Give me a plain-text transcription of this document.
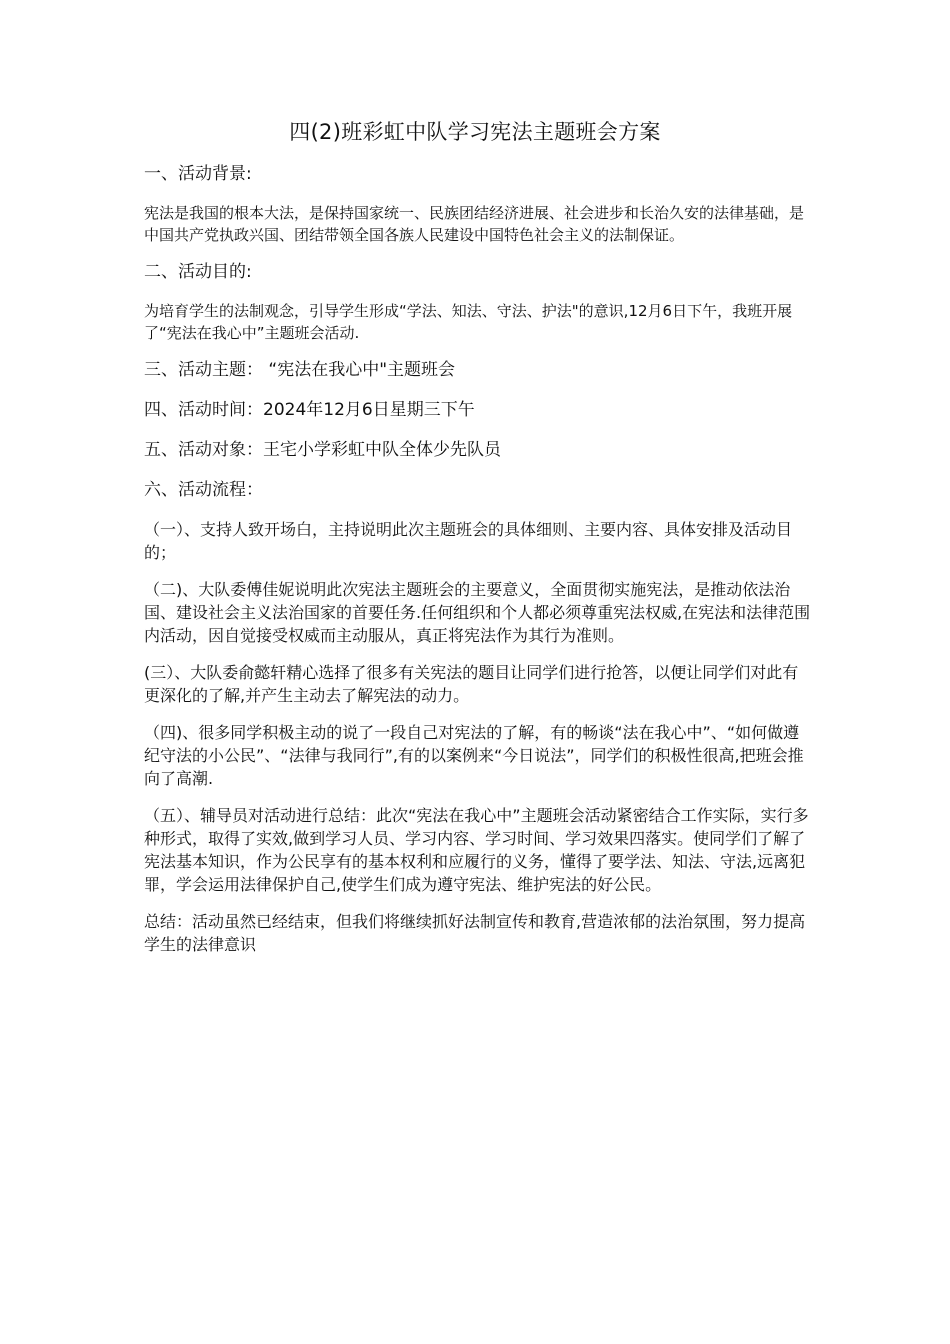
四(2)班彩虹中队学习宪法主题班会方案
一、活动背景:
宪法是我国的根本大法，是保持国家统一、民族团结经济进展、社会进步和长治久安的法律基础，是中国共产党执政兴国、团结带领全国各族人民建设中国特色社会主义的法制保证。
二、活动目的:
为培育学生的法制观念，引导学生形成“学法、知法、守法、护法"的意识,12月6日下午，我班开展了“宪法在我心中”主题班会活动.
三、活动主题： “宪法在我心中"主题班会
四、活动时间：2024年12月6日星期三下午
五、活动对象：王宅小学彩虹中队全体少先队员
六、活动流程：
（一）、支持人致开场白，主持说明此次主题班会的具体细则、主要内容、具体安排及活动目的；
（二)、大队委傅佳妮说明此次宪法主题班会的主要意义，全面贯彻实施宪法，是推动依法治国、建设社会主义法治国家的首要任务.任何组织和个人都必须尊重宪法权威,在宪法和法律范围内活动，因自觉接受权威而主动服从，真正将宪法作为其行为准则。
(三）、大队委俞懿轩精心选择了很多有关宪法的题目让同学们进行抢答，以便让同学们对此有更深化的了解,并产生主动去了解宪法的动力。
（四)、很多同学积极主动的说了一段自己对宪法的了解，有的畅谈“法在我心中”、“如何做遵纪守法的小公民”、“法律与我同行”,有的以案例来“今日说法”，同学们的积极性很高,把班会推向了高潮.
（五）、辅导员对活动进行总结：此次“宪法在我心中”主题班会活动紧密结合工作实际，实行多种形式，取得了实效,做到学习人员、学习内容、学习时间、学习效果四落实。使同学们了解了宪法基本知识，作为公民享有的基本权利和应履行的义务，懂得了要学法、知法、守法,远离犯罪，学会运用法律保护自己,使学生们成为遵守宪法、维护宪法的好公民。
总结：活动虽然已经结束，但我们将继续抓好法制宣传和教育,营造浓郁的法治氛围，努力提高学生的法律意识
